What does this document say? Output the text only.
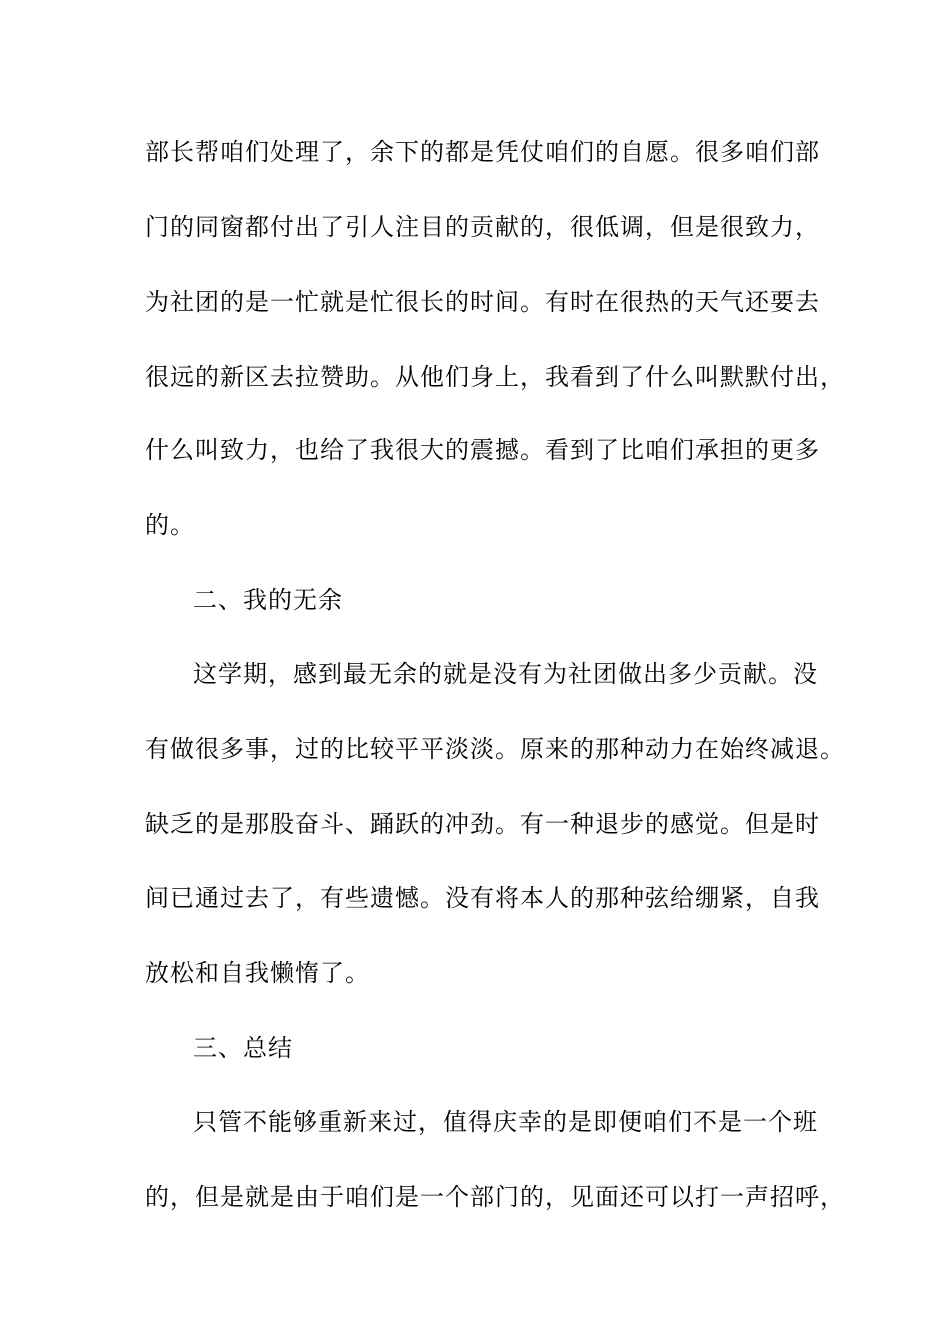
部长帮咱们处理了，余下的都是凭仗咱们的自愿。很多咱们部
门的同窗都付出了引人注目的贡献的，很低调，但是很致力，
为社团的是一忙就是忙很长的时间。有时在很热的天气还要去
很远的新区去拉赞助。从他们身上，我看到了什么叫默默付出，
什么叫致力，也给了我很大的震撼。看到了比咱们承担的更多
的。
二、我的无余
这学期，感到最无余的就是没有为社团做出多少贡献。没
有做很多事，过的比较平平淡淡。原来的那种动力在始终减退。
缺乏的是那股奋斗、踊跃的冲劲。有一种退步的感觉。但是时
间已通过去了，有些遗憾。没有将本人的那种弦给绷紧，自我
放松和自我懒惰了。
三、总结
只管不能够重新来过，值得庆幸的是即便咱们不是一个班
的，但是就是由于咱们是一个部门的，见面还可以打一声招呼，
